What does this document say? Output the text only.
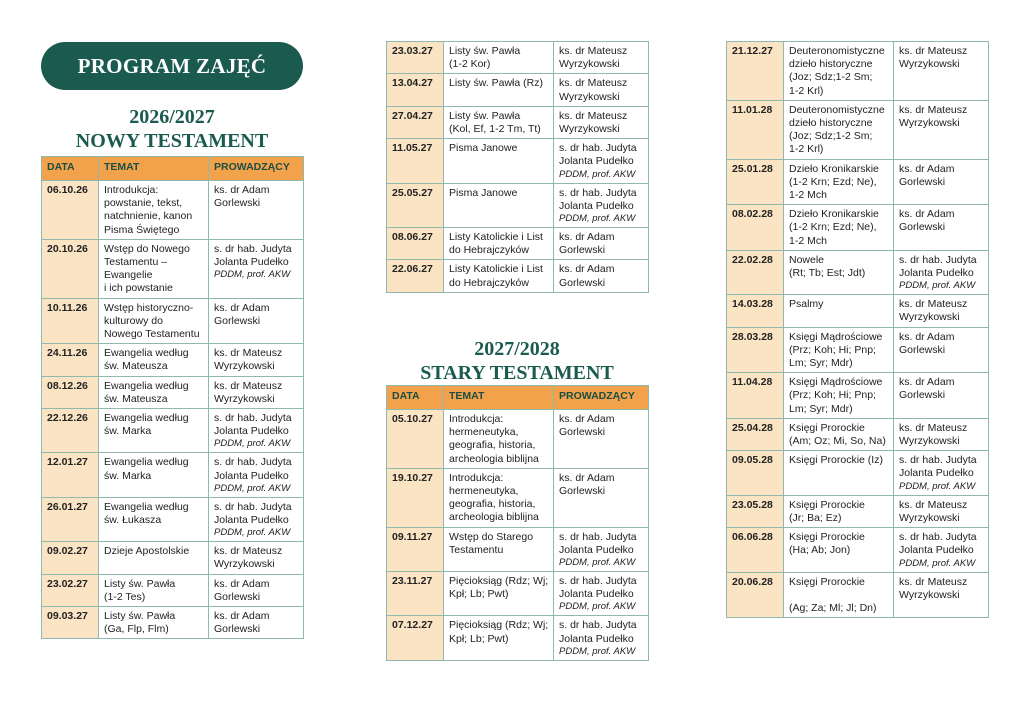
PROGRAM ZAJĘĆ
2026/2027
NOWY TESTAMENT
DATA	TEMAT	PROWADZĄCY
06.10.26	Introdukcja:
powstanie, tekst,
natchnienie, kanon
Pisma Świętego	ks. dr Adam
Gorlewski

20.10.26	Wstęp do Nowego
Testamentu –
Ewangelie
i ich powstanie	s. dr hab. Judyta
Jolanta Pudełko
PDDM, prof. AKW

10.11.26	Wstęp historyczno-
kulturowy do
Nowego Testamentu	ks. dr Adam
Gorlewski

24.11.26	Ewangelia według
św. Mateusza	ks. dr Mateusz
Wyrzykowski

08.12.26	Ewangelia według
św. Mateusza	ks. dr Mateusz
Wyrzykowski

22.12.26	Ewangelia według
św. Marka	s. dr hab. Judyta
Jolanta Pudełko
PDDM, prof. AKW

12.01.27	Ewangelia według
św. Marka	s. dr hab. Judyta
Jolanta Pudełko
PDDM, prof. AKW

26.01.27	Ewangelia według
św. Łukasza	s. dr hab. Judyta
Jolanta Pudełko
PDDM, prof. AKW

09.02.27	Dzieje Apostolskie	ks. dr Mateusz
Wyrzykowski

23.02.27	Listy św. Pawła
(1-2 Tes)	ks. dr Adam
Gorlewski

09.03.27	Listy św. Pawła
(Ga, Flp, Flm)	ks. dr Adam
Gorlewski
23.03.27	Listy św. Pawła
(1-2 Kor)	ks. dr Mateusz
Wyrzykowski

13.04.27	Listy św. Pawła (Rz)	ks. dr Mateusz
Wyrzykowski

27.04.27	Listy św. Pawła
(Kol, Ef, 1-2 Tm, Tt)	ks. dr Mateusz
Wyrzykowski

11.05.27	Pisma Janowe	s. dr hab. Judyta
Jolanta Pudełko
PDDM, prof. AKW

25.05.27	Pisma Janowe	s. dr hab. Judyta
Jolanta Pudełko
PDDM, prof. AKW

08.06.27	Listy Katolickie i List
do Hebrajczyków	ks. dr Adam
Gorlewski

22.06.27	Listy Katolickie i List
do Hebrajczyków	ks. dr Adam
Gorlewski
2027/2028
STARY TESTAMENT
DATA	TEMAT	PROWADZĄCY
05.10.27	Introdukcja:
hermeneutyka,
geografia, historia,
archeologia biblijna	ks. dr Adam
Gorlewski

19.10.27	Introdukcja:
hermeneutyka,
geografia, historia,
archeologia biblijna	ks. dr Adam
Gorlewski

09.11.27	Wstęp do Starego
Testamentu	s. dr hab. Judyta
Jolanta Pudełko
PDDM, prof. AKW

23.11.27	Pięcioksiąg (Rdz; Wj;
Kpł; Lb; Pwt)	s. dr hab. Judyta
Jolanta Pudełko
PDDM, prof. AKW

07.12.27	Pięcioksiąg (Rdz; Wj;
Kpł; Lb; Pwt)	s. dr hab. Judyta
Jolanta Pudełko
PDDM, prof. AKW
21.12.27	Deuteronomistyczne
dzieło historyczne
(Joz; Sdz;1-2 Sm;
1-2 Krl)	ks. dr Mateusz
Wyrzykowski

11.01.28	Deuteronomistyczne
dzieło historyczne
(Joz; Sdz;1-2 Sm;
1-2 Krl)	ks. dr Mateusz
Wyrzykowski

25.01.28	Dzieło Kronikarskie
(1-2 Krn; Ezd; Ne),
1-2 Mch	ks. dr Adam
Gorlewski

08.02.28	Dzieło Kronikarskie
(1-2 Krn; Ezd; Ne),
1-2 Mch	ks. dr Adam
Gorlewski

22.02.28	Nowele
(Rt; Tb; Est; Jdt)	s. dr hab. Judyta
Jolanta Pudełko
PDDM, prof. AKW

14.03.28	Psalmy	ks. dr Mateusz
Wyrzykowski

28.03.28	Księgi Mądrościowe
(Prz; Koh; Hi; Pnp;
Lm; Syr; Mdr)	ks. dr Adam
Gorlewski

11.04.28	Księgi Mądrościowe
(Prz; Koh; Hi; Pnp;
Lm; Syr; Mdr)	ks. dr Adam
Gorlewski

25.04.28	Księgi Prorockie
(Am; Oz; Mi, So, Na)	ks. dr Mateusz
Wyrzykowski

09.05.28	Księgi Prorockie (Iz)	s. dr hab. Judyta
Jolanta Pudełko
PDDM, prof. AKW

23.05.28	Księgi Prorockie
(Jr; Ba; Ez)	ks. dr Mateusz
Wyrzykowski

06.06.28	Księgi Prorockie
(Ha; Ab; Jon)	s. dr hab. Judyta
Jolanta Pudełko
PDDM, prof. AKW

20.06.28	Księgi Prorockie

(Ag; Za; Ml; Jl; Dn)	ks. dr Mateusz
Wyrzykowski
